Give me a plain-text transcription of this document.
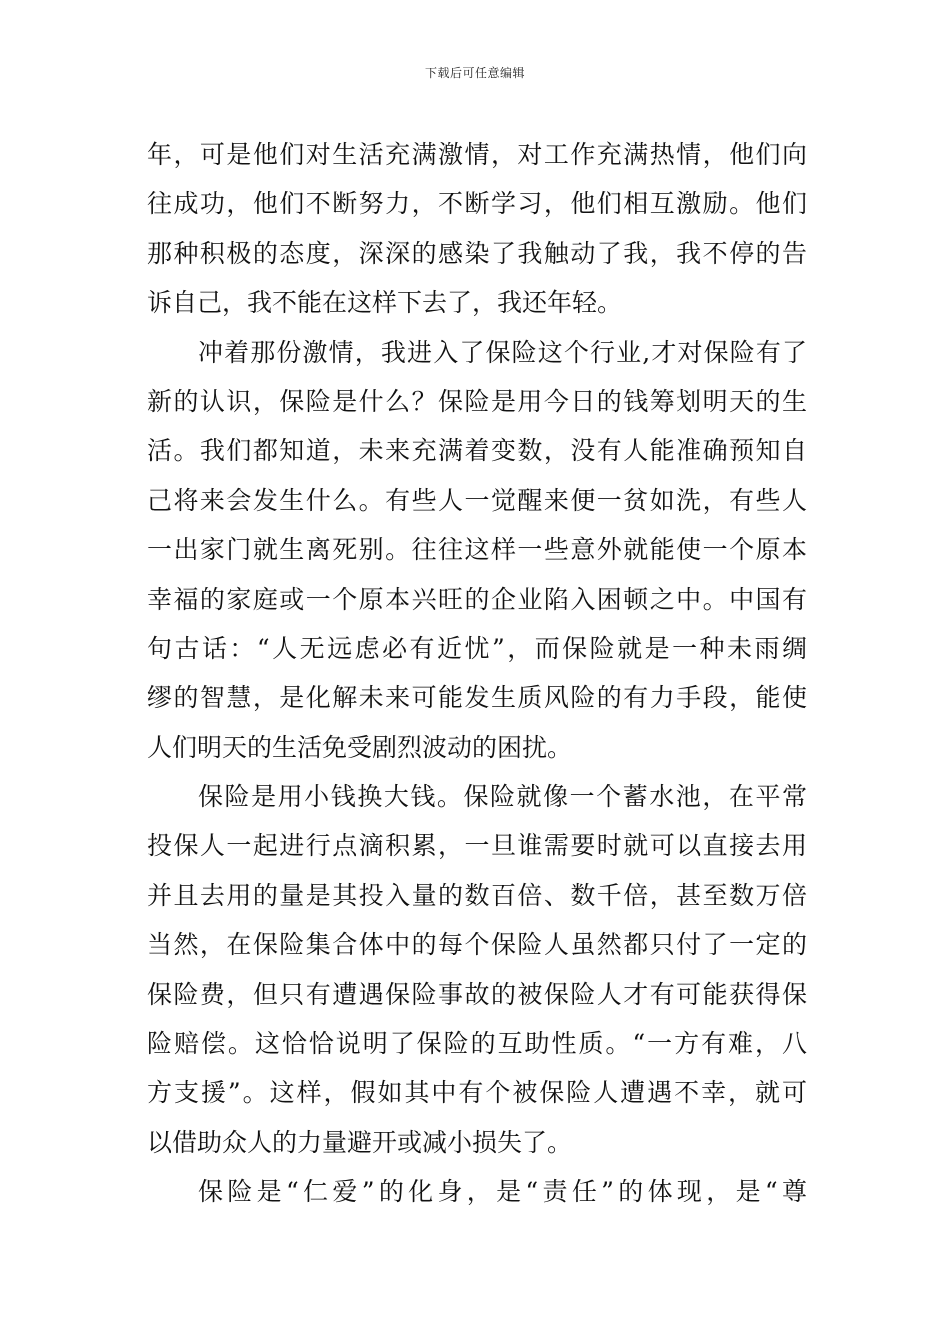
下载后可任意编辑
年，可是他们对生活充满激情，对工作充满热情，他们向
往成功，他们不断努力，不断学习，他们相互激励。他们
那种积极的态度，深深的感染了我触动了我，我不停的告
诉自己，我不能在这样下去了，我还年轻。
冲着那份激情，我进入了保险这个行业,才对保险有了
新的认识，保险是什么？保险是用今日的钱筹划明天的生
活。我们都知道，未来充满着变数，没有人能准确预知自
己将来会发生什么。有些人一觉醒来便一贫如洗，有些人
一出家门就生离死别。往往这样一些意外就能使一个原本
幸福的家庭或一个原本兴旺的企业陷入困顿之中。中国有
句古话：“人无远虑必有近忧”，而保险就是一种未雨绸
缪的智慧，是化解未来可能发生质风险的有力手段，能使
人们明天的生活免受剧烈波动的困扰。
保险是用小钱换大钱。保险就像一个蓄水池，在平常
投保人一起进行点滴积累，一旦谁需要时就可以直接去用
并且去用的量是其投入量的数百倍、数千倍，甚至数万倍
当然，在保险集合体中的每个保险人虽然都只付了一定的
保险费，但只有遭遇保险事故的被保险人才有可能获得保
险赔偿。这恰恰说明了保险的互助性质。“一方有难，八
方支援”。这样，假如其中有个被保险人遭遇不幸，就可
以借助众人的力量避开或减小损失了。
保险是“仁爱”的化身，是“责任”的体现，是“尊
